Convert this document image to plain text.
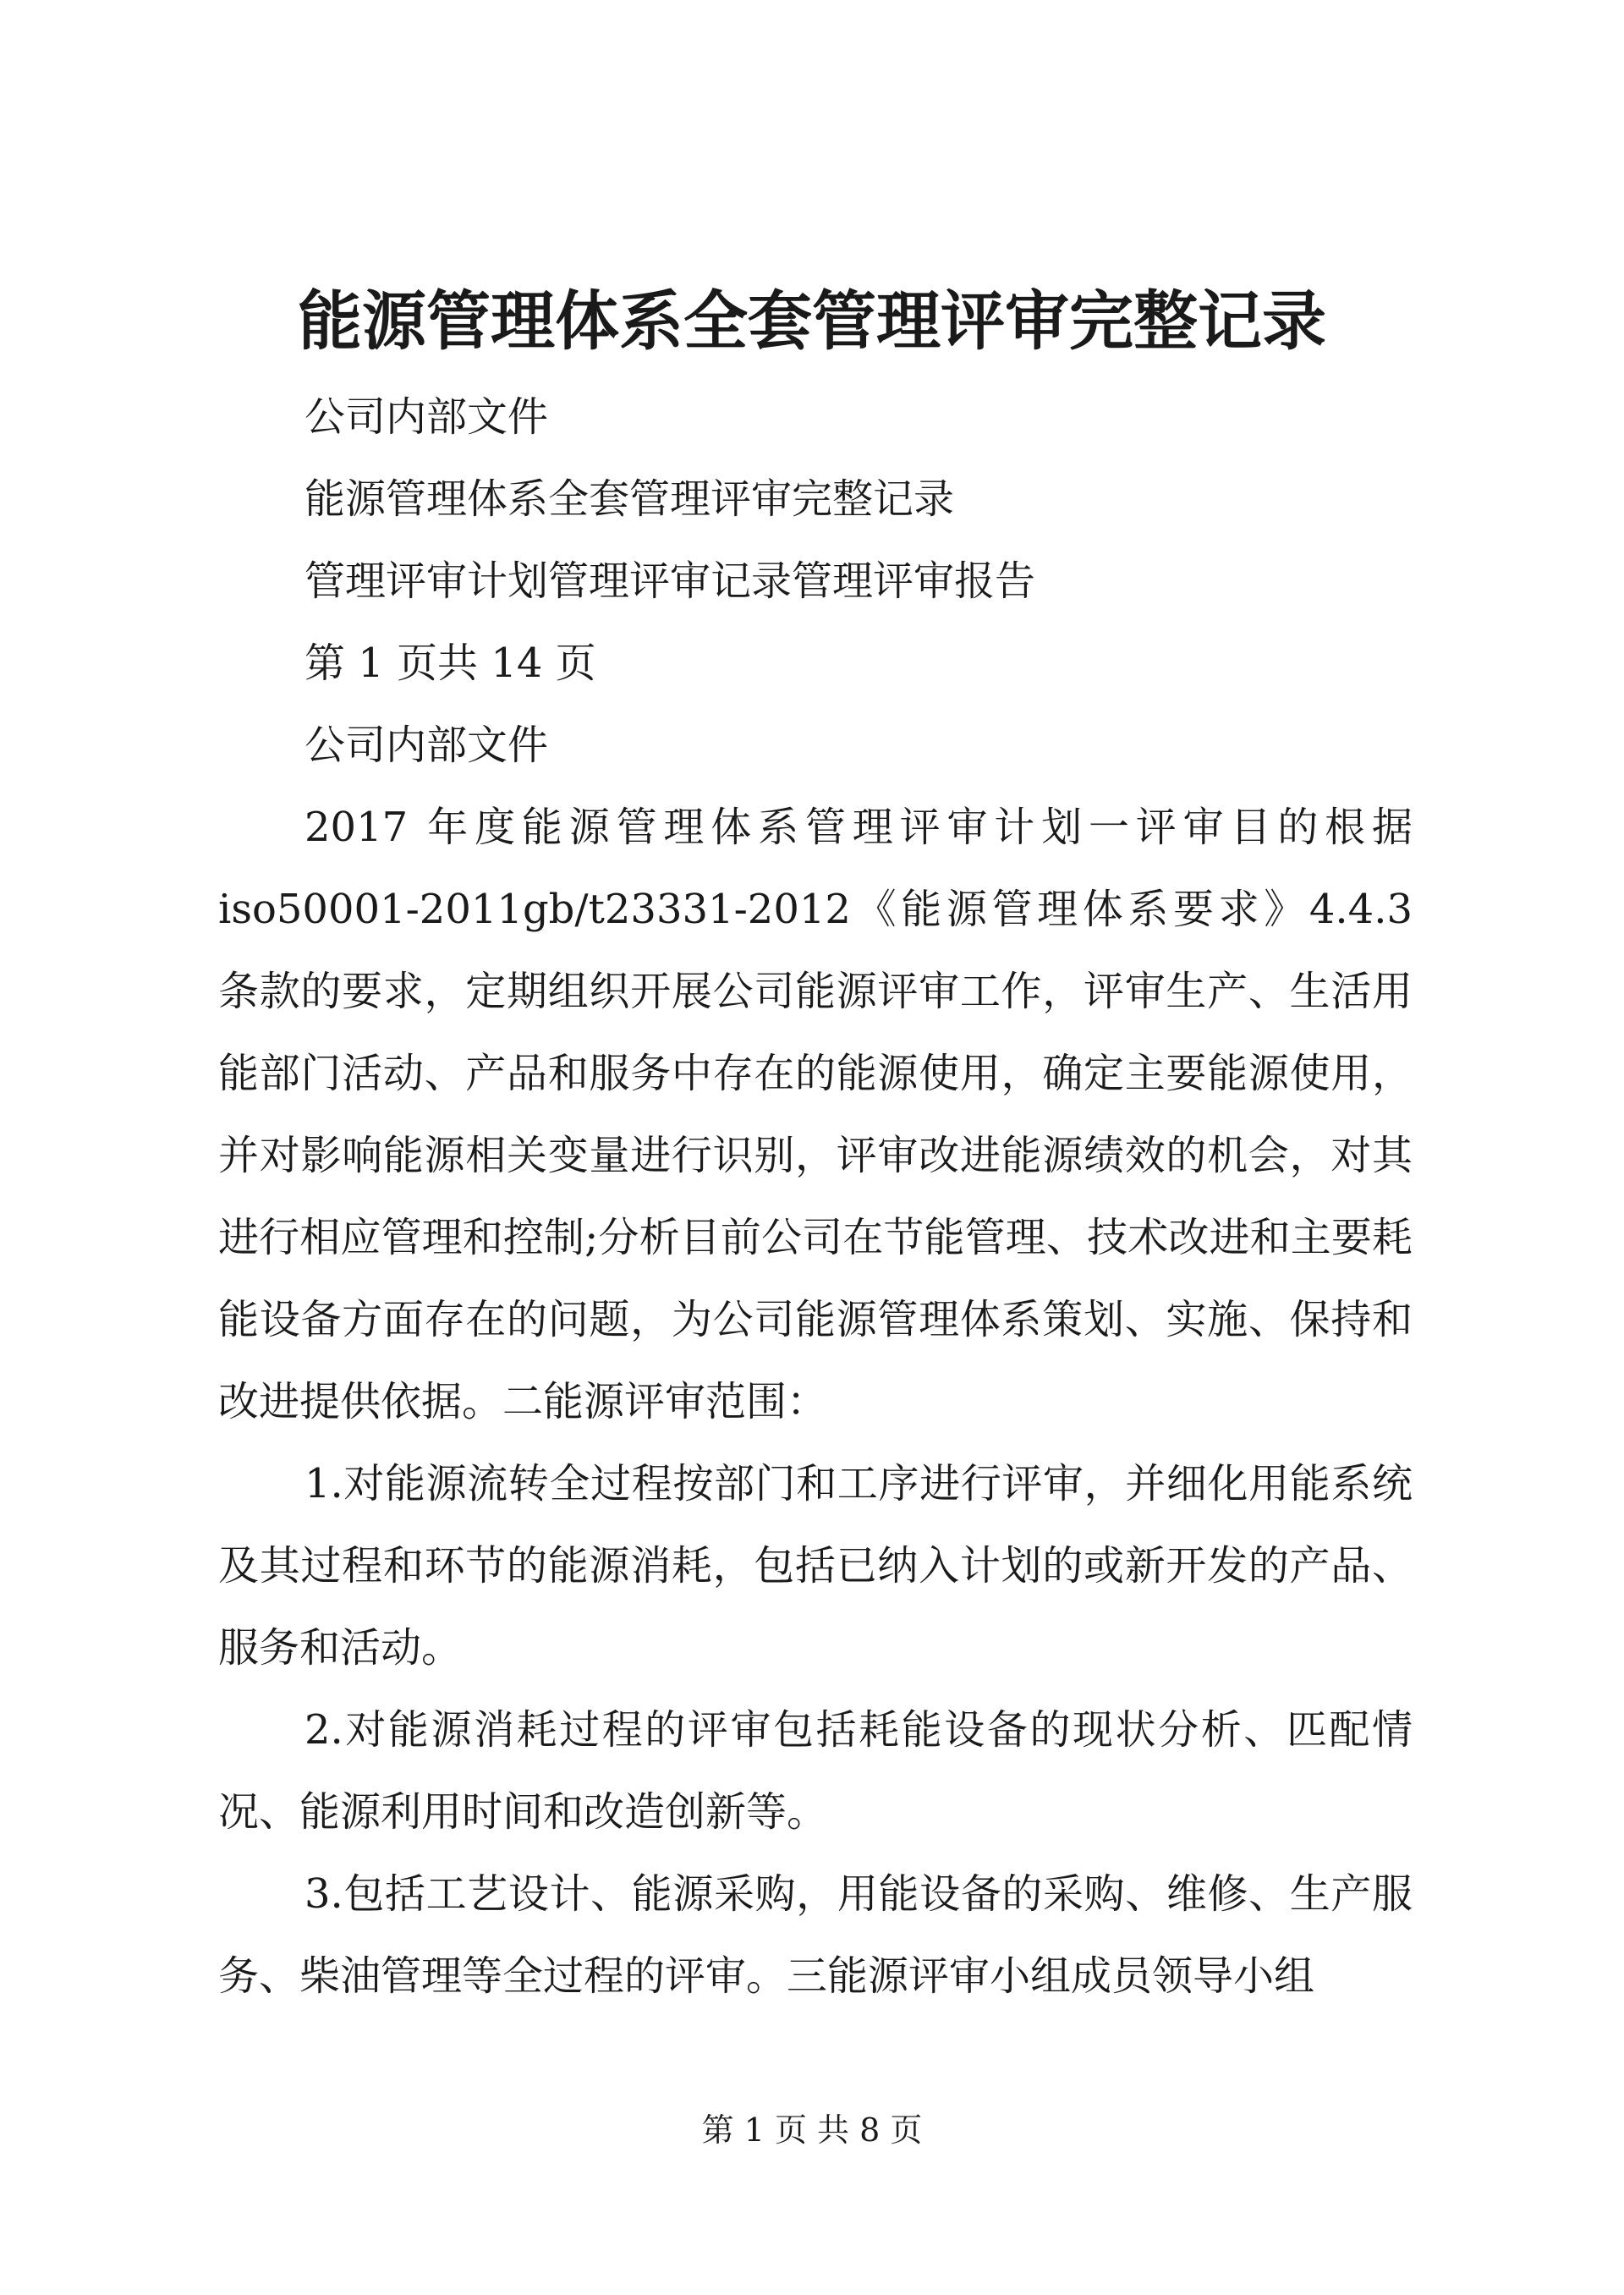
能源管理体系全套管理评审完整记录
公司内部文件
能源管理体系全套管理评审完整记录
管理评审计划管理评审记录管理评审报告
第 1 页共 14 页
公司内部文件

2017 年度能源管理体系管理评审计划一评审目的根据 iso50001-2011gb/t23331-2012《能源管理体系要求》4.4.3 条款的要求，定期组织开展公司能源评审工作，评审生产、生活用能部门活动、产品和服务中存在的能源使用，确定主要能源使用，并对影响能源相关变量进行识别，评审改进能源绩效的机会，对其进行相应管理和控制;分析目前公司在节能管理、技术改进和主要耗能设备方面存在的问题，为公司能源管理体系策划、实施、保持和改进提供依据。二能源评审范围：

1.对能源流转全过程按部门和工序进行评审，并细化用能系统及其过程和环节的能源消耗，包括已纳入计划的或新开发的产品、服务和活动。

2.对能源消耗过程的评审包括耗能设备的现状分析、匹配情况、能源利用时间和改造创新等。

3.包括工艺设计、能源采购，用能设备的采购、维修、生产服务、柴油管理等全过程的评审。三能源评审小组成员领导小组

第 1 页 共 8 页
